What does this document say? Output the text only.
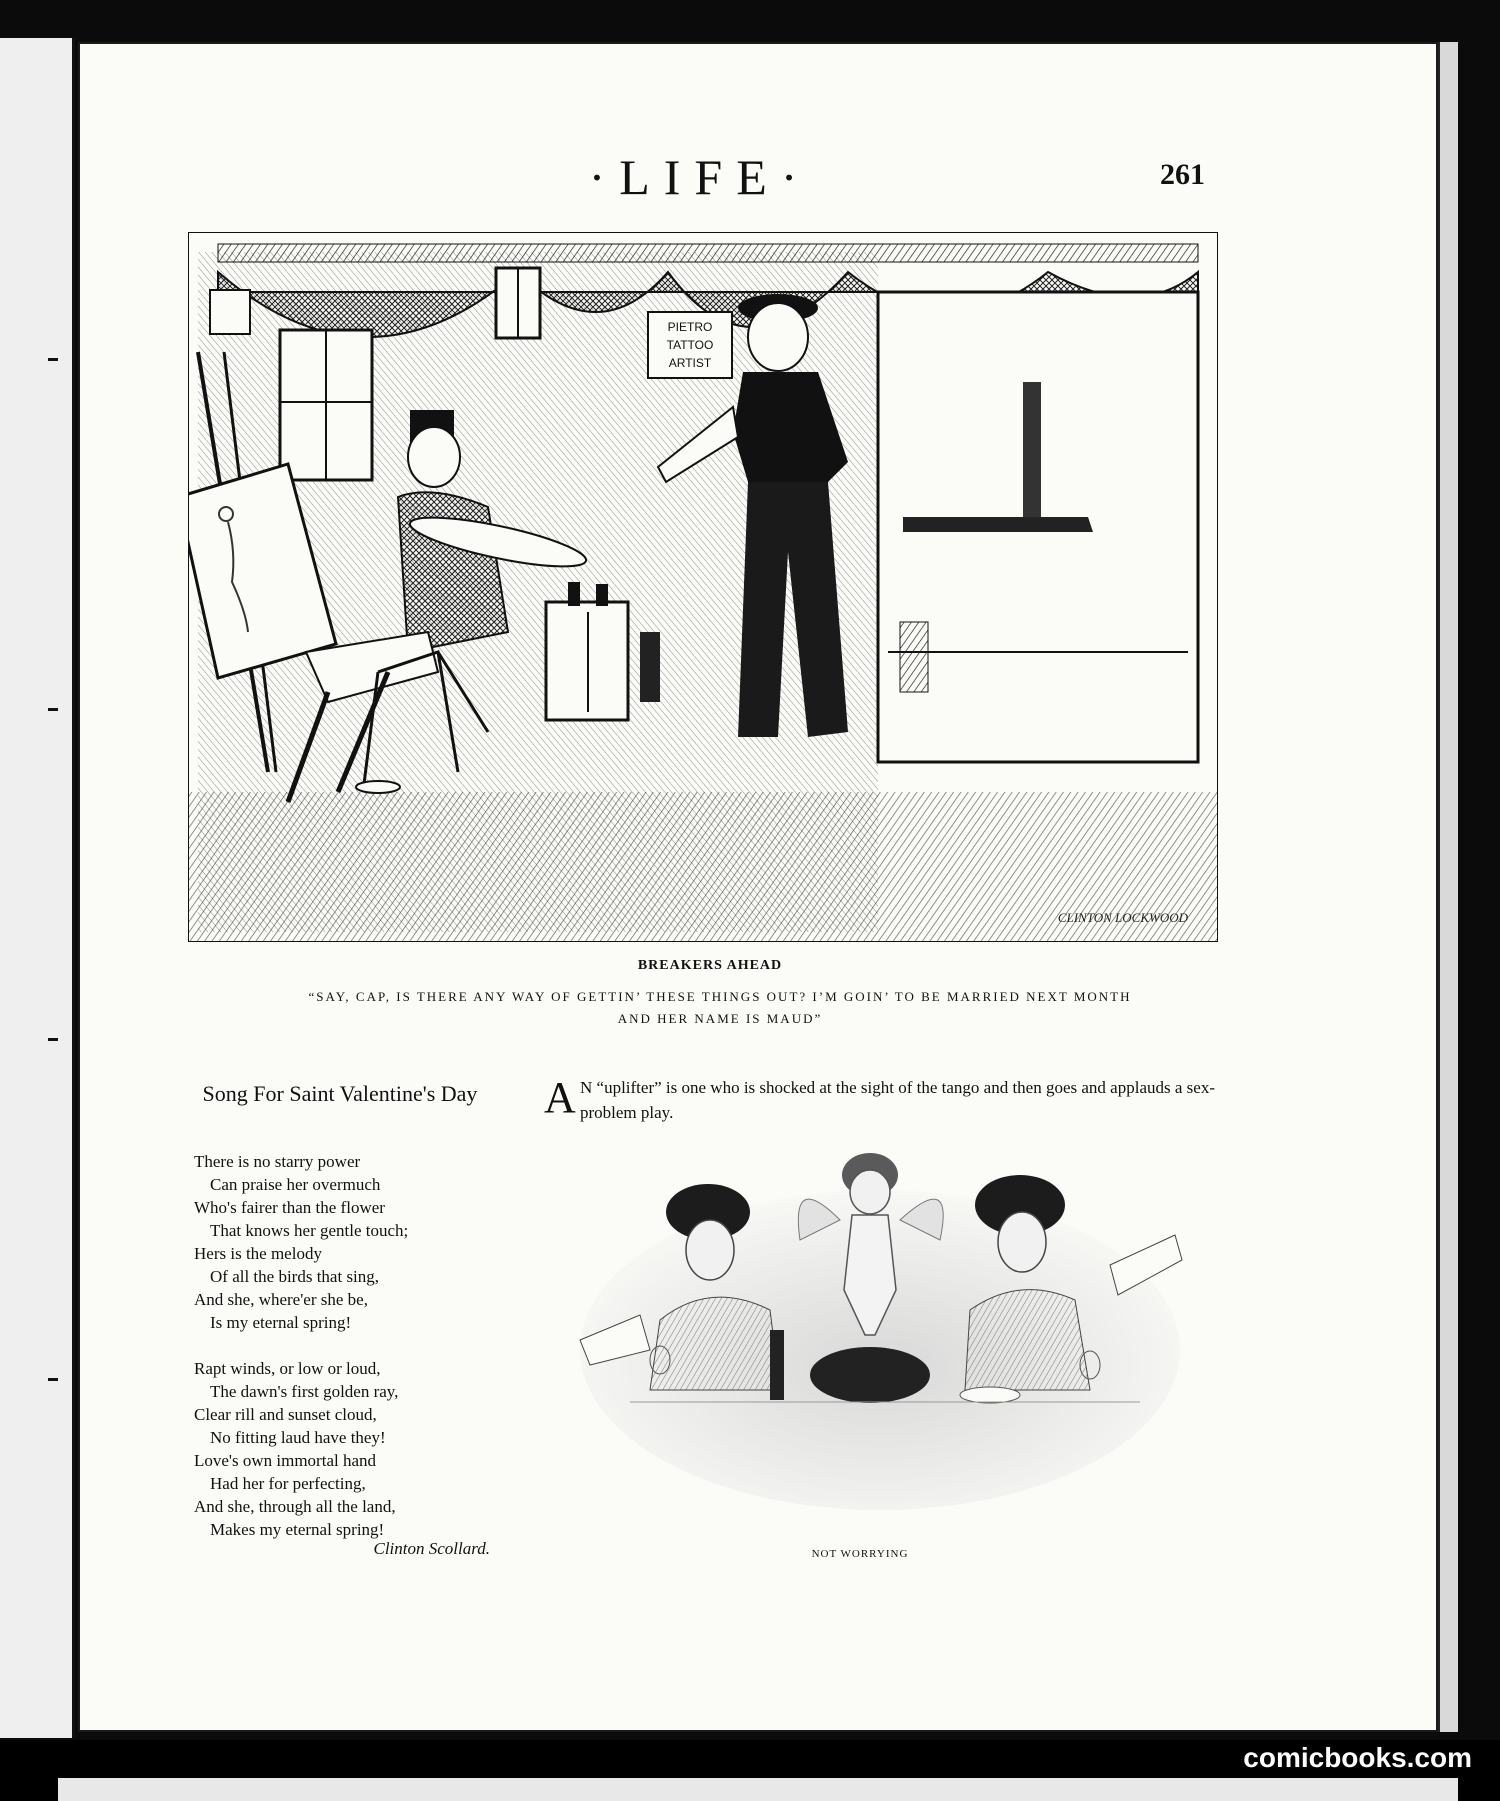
·LIFE·	261
PIETRO
TATTOO
ARTIST
ALICE
CLINTON LOCKWOOD
BREAKERS AHEAD
“SAY, CAP, IS THERE ANY WAY OF GETTIN’ THESE THINGS OUT? I’M GOIN’ TO BE MARRIED NEXT MONTH
AND HER NAME IS MAUD”
Song For Saint Valentine's Day
There is no starry power
Can praise her overmuch
Who's fairer than the flower
That knows her gentle touch;
Hers is the melody
Of all the birds that sing,
And she, where'er she be,
Is my eternal spring!
Rapt winds, or low or loud,
The dawn's first golden ray,
Clear rill and sunset cloud,
No fitting laud have they!
Love's own immortal hand
Had her for perfecting,
And she, through all the land,
Makes my eternal spring!
Clinton Scollard.
A N “uplifter” is one who is shocked at the sight of the tango and then goes and applauds a sex-problem play.
NOT WORRYING
comicbooks.com
